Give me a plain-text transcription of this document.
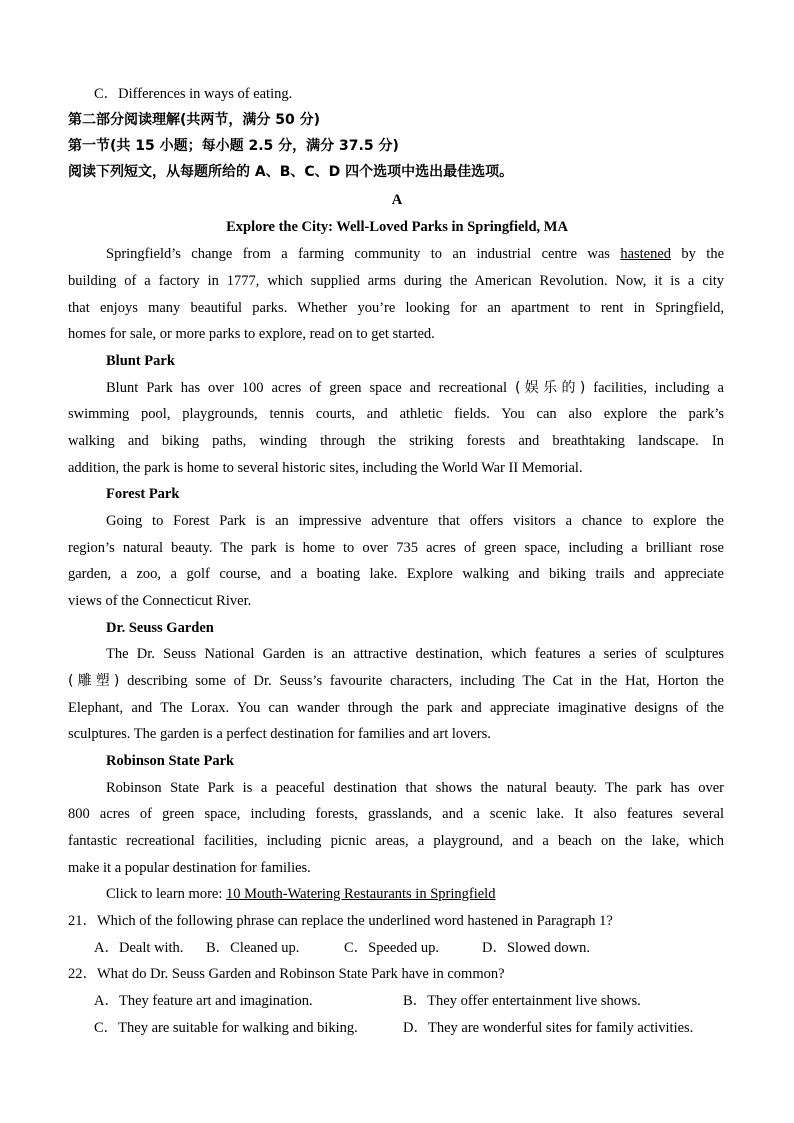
C．Differences in ways of eating.
第二部分阅读理解(共两节，满分 50 分)
第一节(共 15 小题；每小题 2.5 分，满分 37.5 分)
阅读下列短文，从每题所给的 A、B、C、D 四个选项中选出最佳选项。
A
Explore the City: Well-Loved Parks in Springfield, MA
Springfield’s change from a farming community to an industrial centre was hastened by the
building of a factory in 1777, which supplied arms during the American Revolution. Now, it is a city
that enjoys many beautiful parks. Whether you’re looking for an apartment to rent in Springfield,
homes for sale, or more parks to explore, read on to get started.
Blunt Park
Blunt Park has over 100 acres of green space and recreational (娱乐的) facilities, including a
swimming pool, playgrounds, tennis courts, and athletic fields. You can also explore the park’s
walking and biking paths, winding through the striking forests and breathtaking landscape. In
addition, the park is home to several historic sites, including the World War II Memorial.
Forest Park
Going to Forest Park is an impressive adventure that offers visitors a chance to explore the
region’s natural beauty. The park is home to over 735 acres of green space, including a brilliant rose
garden, a zoo, a golf course, and a boating lake. Explore walking and biking trails and appreciate
views of the Connecticut River.
Dr. Seuss Garden
The Dr. Seuss National Garden is an attractive destination, which features a series of sculptures
(雕塑) describing some of Dr. Seuss’s favourite characters, including The Cat in the Hat, Horton the
Elephant, and The Lorax. You can wander through the park and appreciate imaginative designs of the
sculptures. The garden is a perfect destination for families and art lovers.
Robinson State Park
Robinson State Park is a peaceful destination that shows the natural beauty. The park has over
800 acres of green space, including forests, grasslands, and a scenic lake. It also features several
fantastic recreational facilities, including picnic areas, a playground, and a beach on the lake, which
make it a popular destination for families.
Click to learn more: 10 Mouth-Watering Restaurants in Springfield
21．Which of the following phrase can replace the underlined word hastened in Paragraph 1?
A．Dealt with. B．Cleaned up.	C．Speeded up.	D．Slowed down.
22．What do Dr. Seuss Garden and Robinson State Park have in common?
A．They feature art and imagination.	B．They offer entertainment live shows.
C．They are suitable for walking and biking.	D．They are wonderful sites for family activities.
